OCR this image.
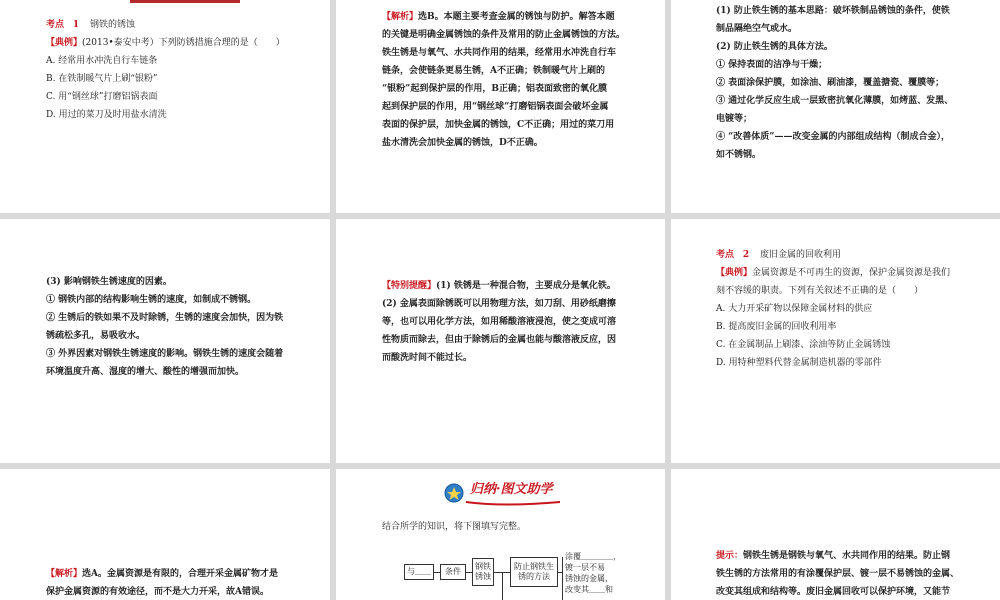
考点 1 钢铁的锈蚀
【典例】(2013•泰安中考）下列防锈措施合理的是（　　）
A. 经常用水冲洗自行车链条
B. 在铁制暖气片上刷“银粉”
C. 用“钢丝球”打磨铝锅表面
D. 用过的菜刀及时用盐水清洗
【解析】选B。本题主要考查金属的锈蚀与防护。解答本题
的关键是明确金属锈蚀的条件及常用的防止金属锈蚀的方法。
铁生锈是与氧气、水共同作用的结果，经常用水冲洗自行车
链条，会使链条更易生锈，A不正确；铁制暖气片上刷的
“银粉”起到保护层的作用，B正确；铝表面致密的氧化膜
起到保护层的作用，用“钢丝球”打磨铝锅表面会破坏金属
表面的保护层，加快金属的锈蚀，C不正确；用过的菜刀用
盐水清洗会加快金属的锈蚀，D不正确。
(1) 防止铁生锈的基本思路：破坏铁制品锈蚀的条件，使铁
制品隔绝空气或水。
(2) 防止铁生锈的具体方法。
① 保持表面的洁净与干燥；
② 表面涂保护膜，如涂油、刷油漆，覆盖搪瓷、覆膜等；
③ 通过化学反应生成一层致密抗氧化薄膜，如烤蓝、发黑、
电镀等；
④ “改善体质”——改变金属的内部组成结构（制成合金），
如不锈钢。
(3) 影响钢铁生锈速度的因素。
① 钢铁内部的结构影响生锈的速度，如制成不锈钢。
② 生锈后的铁如果不及时除锈，生锈的速度会加快，因为铁
锈疏松多孔，易吸收水。
③ 外界因素对钢铁生锈速度的影响。钢铁生锈的速度会随着
环境温度升高、湿度的增大、酸性的增强而加快。
【特别提醒】(1) 铁锈是一种混合物，主要成分是氧化铁。
(2) 金属表面除锈既可以用物理方法，如刀刮、用砂纸磨擦
等，也可以用化学方法，如用稀酸溶液浸泡，使之变成可溶
性物质而除去，但由于除锈后的金属也能与酸溶液反应，因
而酸洗时间不能过长。
考点 2 废旧金属的回收利用
【典例】金属资源是不可再生的资源，保护金属资源是我们
刻不容缓的职责。下列有关叙述不正确的是（　　）
A. 大力开采矿物以保障金属材料的供应
B. 提高废旧金属的回收利用率
C. 在金属制品上刷漆、涂油等防止金属锈蚀
D. 用特种塑料代替金属制造机器的零部件
【解析】选A。金属资源是有限的，合理开采金属矿物才是
保护金属资源的有效途径，而不是大力开采，故A错误。
归纳·图文助学
结合所学的知识，将下图填写完整。
与＿＿	条件
钢铁锈蚀
防止钢铁生锈的方法
涂覆＿＿＿＿，
镀一层不易
锈蚀的金属，
改变其＿＿和
提示：钢铁生锈是钢铁与氧气、水共同作用的结果。防止钢
铁生锈的方法常用的有涂覆保护层、镀一层不易锈蚀的金属、
改变其组成和结构等。废旧金属回收可以保护环境，又能节
